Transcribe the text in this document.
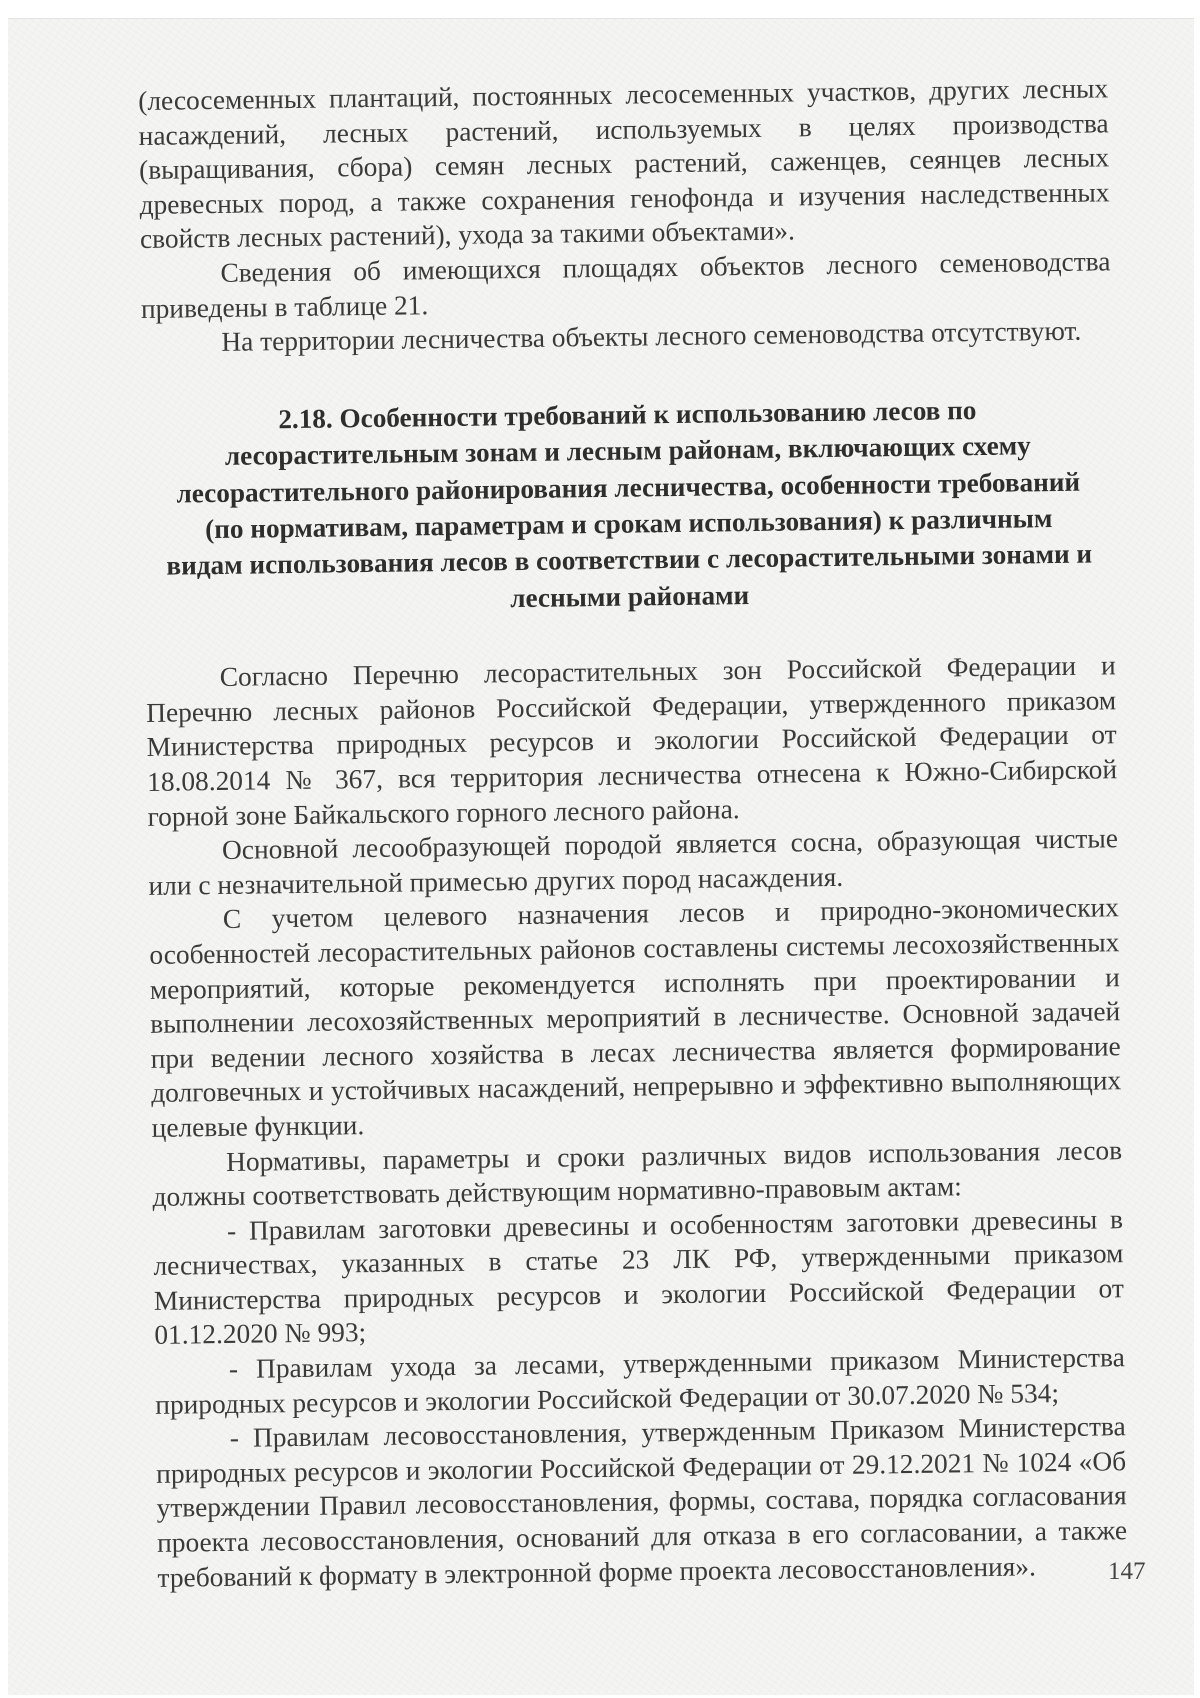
(лесосеменных плантаций, постоянных лесосеменных участков, других лесных насаждений, лесных растений, используемых в целях производства (выращивания, сбора) семян лесных растений, саженцев, сеянцев лесных древесных пород, а также сохранения генофонда и изучения наследственных свойств лесных растений), ухода за такими объектами».

Сведения об имеющихся площадях объектов лесного семеноводства приведены в таблице 21.

На территории лесничества объекты лесного семеноводства отсутствуют.

2.18. Особенности требований к использованию лесов по лесорастительным зонам и лесным районам, включающих схему лесорастительного районирования лесничества, особенности требований (по нормативам, параметрам и срокам использования) к различным видам использования лесов в соответствии с лесорастительными зонами и лесными районами

Согласно Перечню лесорастительных зон Российской Федерации и Перечню лесных районов Российской Федерации, утвержденного приказом Министерства природных ресурсов и экологии Российской Федерации от 18.08.2014 № 367, вся территория лесничества отнесена к Южно-Сибирской горной зоне Байкальского горного лесного района.

Основной лесообразующей породой является сосна, образующая чистые или с незначительной примесью других пород насаждения.

С учетом целевого назначения лесов и природно-экономических особенностей лесорастительных районов составлены системы лесохозяйственных мероприятий, которые рекомендуется исполнять при проектировании и выполнении лесохозяйственных мероприятий в лесничестве. Основной задачей при ведении лесного хозяйства в лесах лесничества является формирование долговечных и устойчивых насаждений, непрерывно и эффективно выполняющих целевые функции.

Нормативы, параметры и сроки различных видов использования лесов должны соответствовать действующим нормативно-правовым актам:

- Правилам заготовки древесины и особенностям заготовки древесины в лесничествах, указанных в статье 23 ЛК РФ, утвержденными приказом Министерства природных ресурсов и экологии Российской Федерации от 01.12.2020 № 993;

- Правилам ухода за лесами, утвержденными приказом Министерства природных ресурсов и экологии Российской Федерации от 30.07.2020 № 534;

- Правилам лесовосстановления, утвержденным Приказом Министерства природных ресурсов и экологии Российской Федерации от 29.12.2021 № 1024 «Об утверждении Правил лесовосстановления, формы, состава, порядка согласования проекта лесовосстановления, оснований для отказа в его согласовании, а также требований к формату в электронной форме проекта лесовосстановления».	147
